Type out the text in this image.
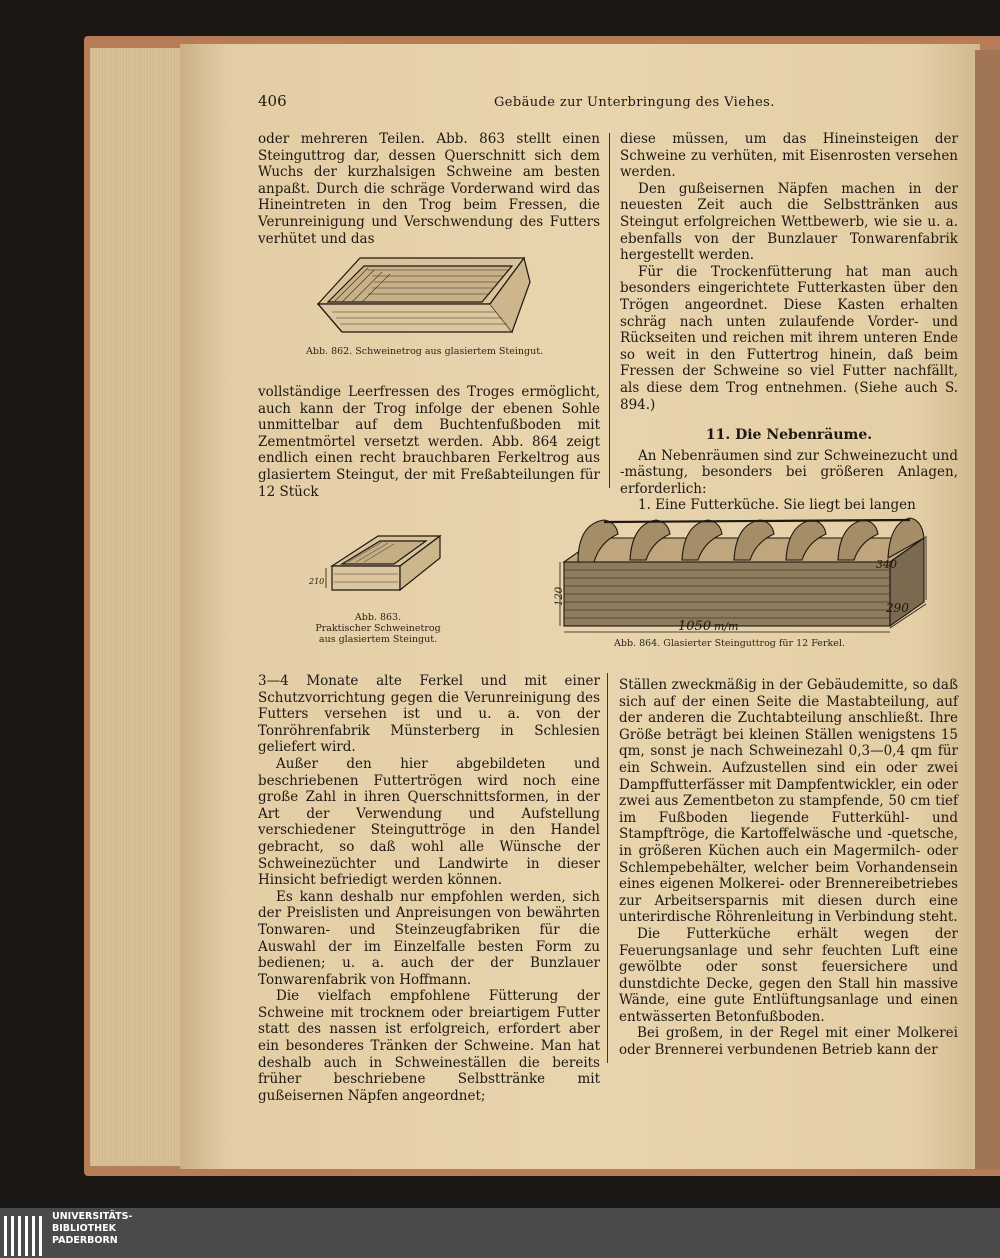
406	Gebäude zur Unterbringung des Viehes.

oder mehreren Teilen. Abb. 863 stellt einen Steinguttrog dar, dessen Querschnitt sich dem Wuchs der kurzhalsigen Schweine am besten anpaßt. Durch die schräge Vorderwand wird das Hineintreten in den Trog beim Fressen, die Verunreinigung und Verschwendung des Futters verhütet und das

Abb. 862. Schweinetrog aus glasiertem Steingut.

vollständige Leerfressen des Troges ermöglicht, auch kann der Trog infolge der ebenen Sohle unmittelbar auf dem Buchtenfußboden mit Zementmörtel versetzt werden. Abb. 864 zeigt endlich einen recht brauchbaren Ferkeltrog aus glasiertem Steingut, der mit Freßabteilungen für 12 Stück

diese müssen, um das Hineinsteigen der Schweine zu verhüten, mit Eisenrosten versehen werden.

Den gußeisernen Näpfen machen in der neuesten Zeit auch die Selbsttränken aus Steingut erfolgreichen Wettbewerb, wie sie u. a. ebenfalls von der Bunzlauer Tonwarenfabrik hergestellt werden.

Für die Trockenfütterung hat man auch besonders eingerichtete Futterkasten über den Trögen angeordnet. Diese Kasten erhalten schräg nach unten zulaufende Vorder- und Rückseiten und reichen mit ihrem unteren Ende so weit in den Futtertrog hinein, daß beim Fressen der Schweine so viel Futter nachfällt, als diese dem Trog entnehmen. (Siehe auch S. 894.)

11. Die Nebenräume.

An Nebenräumen sind zur Schweinezucht und -mästung, besonders bei größeren Anlagen, erforderlich:

1. Eine Futterküche. Sie liegt bei langen

210
Abb. 863.
Praktischer Schweinetrog
aus glasiertem Steingut.
120
1050 m/m
290
340
Abb. 864. Glasierter Steinguttrog für 12 Ferkel.

3—4 Monate alte Ferkel und mit einer Schutzvorrichtung gegen die Verunreinigung des Futters versehen ist und u. a. von der Tonröhrenfabrik Münsterberg in Schlesien geliefert wird.

Außer den hier abgebildeten und beschriebenen Futtertrögen wird noch eine große Zahl in ihren Querschnittsformen, in der Art der Verwendung und Aufstellung verschiedener Steinguttröge in den Handel gebracht, so daß wohl alle Wünsche der Schweinezüchter und Landwirte in dieser Hinsicht befriedigt werden können.

Es kann deshalb nur empfohlen werden, sich der Preislisten und Anpreisungen von bewährten Tonwaren- und Steinzeugfabriken für die Auswahl der im Einzelfalle besten Form zu bedienen; u. a. auch der der Bunzlauer Tonwarenfabrik von Hoffmann.

Die vielfach empfohlene Fütterung der Schweine mit trocknem oder breiartigem Futter statt des nassen ist erfolgreich, erfordert aber ein besonderes Tränken der Schweine. Man hat deshalb auch in Schweineställen die bereits früher beschriebene Selbsttränke mit gußeisernen Näpfen angeordnet;

Ställen zweckmäßig in der Gebäudemitte, so daß sich auf der einen Seite die Mastabteilung, auf der anderen die Zuchtabteilung anschließt. Ihre Größe beträgt bei kleinen Ställen wenigstens 15 qm, sonst je nach Schweinezahl 0,3—0,4 qm für ein Schwein. Aufzustellen sind ein oder zwei Dampffutterfässer mit Dampfentwickler, ein oder zwei aus Zementbeton zu stampfende, 50 cm tief im Fußboden liegende Futterkühl- und Stampftröge, die Kartoffelwäsche und -quetsche, in größeren Küchen auch ein Magermilch- oder Schlempebehälter, welcher beim Vorhandensein eines eigenen Molkerei- oder Brennereibetriebes zur Arbeitsersparnis mit diesen durch eine unterirdische Röhrenleitung in Verbindung steht.

Die Futterküche erhält wegen der Feuerungsanlage und sehr feuchten Luft eine gewölbte oder sonst feuersichere und dunstdichte Decke, gegen den Stall hin massive Wände, eine gute Entlüftungsanlage und einen entwässerten Betonfußboden.

Bei großem, in der Regel mit einer Molkerei oder Brennerei verbundenen Betrieb kann der

UNIVERSITÄTS-
BIBLIOTHEK
PADERBORN
